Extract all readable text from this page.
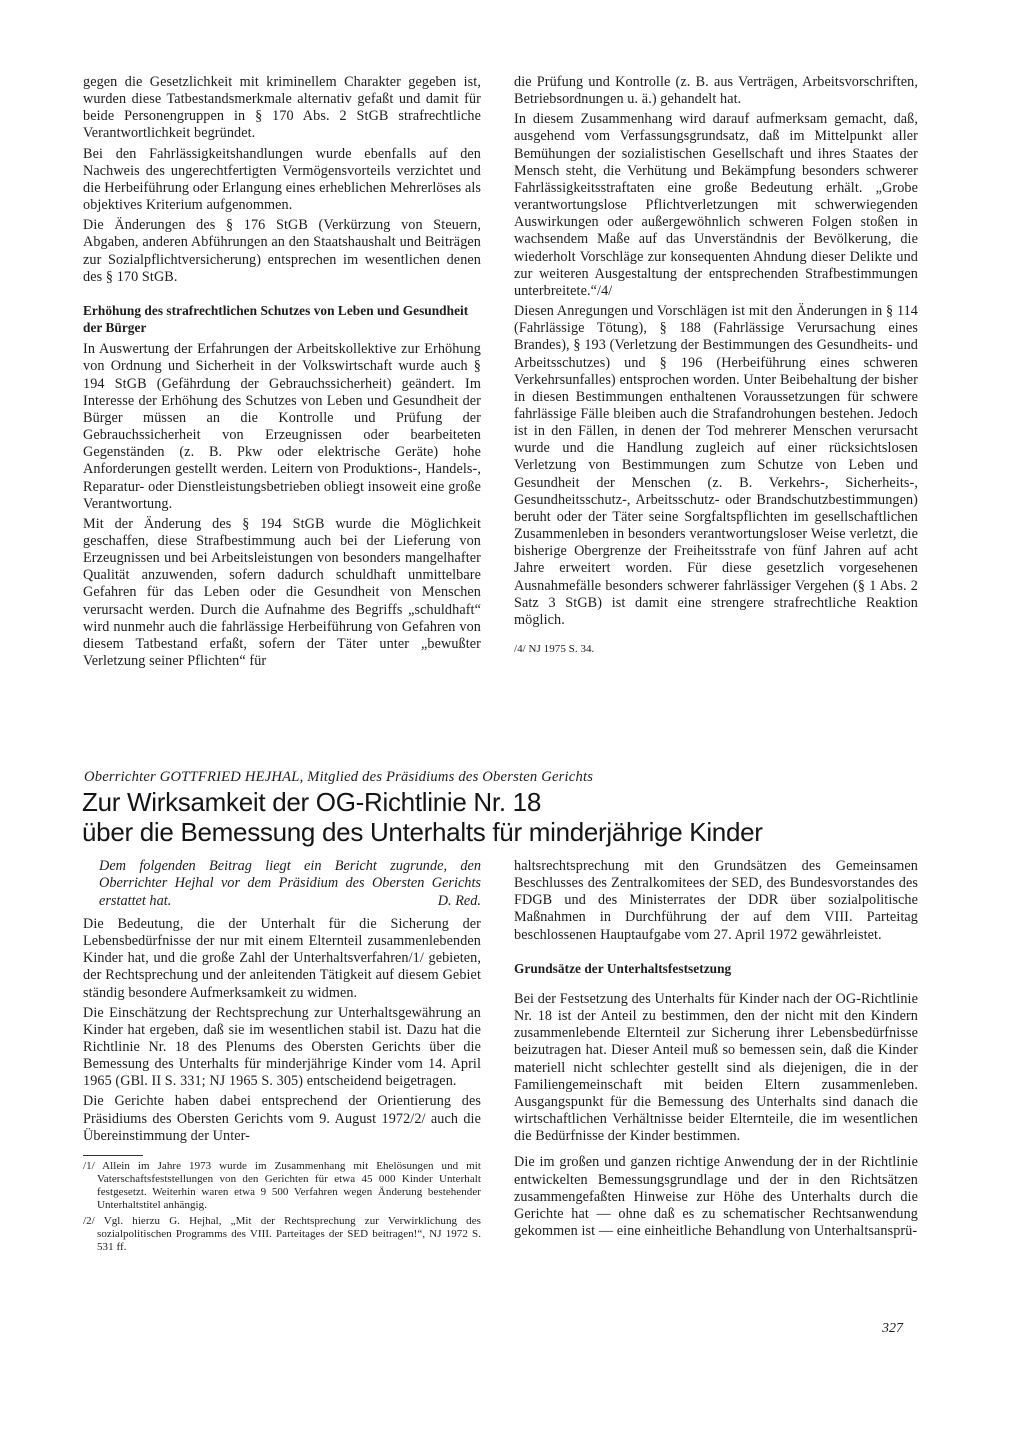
gegen die Gesetzlichkeit mit kriminellem Charakter gegeben ist, wurden diese Tatbestandsmerkmale alternativ gefaßt und damit für beide Personengruppen in § 170 Abs. 2 StGB strafrechtliche Verantwortlichkeit begründet.

Bei den Fahrlässigkeitshandlungen wurde ebenfalls auf den Nachweis des ungerechtfertigten Vermögensvorteils verzichtet und die Herbeiführung oder Erlangung eines erheblichen Mehrerlöses als objektives Kriterium aufgenommen.

Die Änderungen des § 176 StGB (Verkürzung von Steuern, Abgaben, anderen Abführungen an den Staatshaushalt und Beiträgen zur Sozialpflichtversicherung) entsprechen im wesentlichen denen des § 170 StGB.

Erhöhung des strafrechtlichen Schutzes von Leben und Gesundheit der Bürger

In Auswertung der Erfahrungen der Arbeitskollektive zur Erhöhung von Ordnung und Sicherheit in der Volkswirtschaft wurde auch § 194 StGB (Gefährdung der Gebrauchssicherheit) geändert. Im Interesse der Erhöhung des Schutzes von Leben und Gesundheit der Bürger müssen an die Kontrolle und Prüfung der Gebrauchssicherheit von Erzeugnissen oder bearbeiteten Gegenständen (z. B. Pkw oder elektrische Geräte) hohe Anforderungen gestellt werden. Leitern von Produktions-, Handels-, Reparatur- oder Dienstleistungsbetrieben obliegt insoweit eine große Verantwortung.

Mit der Änderung des § 194 StGB wurde die Möglichkeit geschaffen, diese Strafbestimmung auch bei der Lieferung von Erzeugnissen und bei Arbeitsleistungen von besonders mangelhafter Qualität anzuwenden, sofern dadurch schuldhaft unmittelbare Gefahren für das Leben oder die Gesundheit von Menschen verursacht werden. Durch die Aufnahme des Begriffs „schuldhaft“ wird nunmehr auch die fahrlässige Herbeiführung von Gefahren von diesem Tatbestand erfaßt, sofern der Täter unter „bewußter Verletzung seiner Pflichten“ für

die Prüfung und Kontrolle (z. B. aus Verträgen, Arbeitsvorschriften, Betriebsordnungen u. ä.) gehandelt hat.

In diesem Zusammenhang wird darauf aufmerksam gemacht, daß, ausgehend vom Verfassungsgrundsatz, daß im Mittelpunkt aller Bemühungen der sozialistischen Gesellschaft und ihres Staates der Mensch steht, die Verhütung und Bekämpfung besonders schwerer Fahrlässigkeitsstraftaten eine große Bedeutung erhält. „Grobe verantwortungslose Pflichtverletzungen mit schwerwiegenden Auswirkungen oder außergewöhnlich schweren Folgen stoßen in wachsendem Maße auf das Unverständnis der Bevölkerung, die wiederholt Vorschläge zur konsequenten Ahndung dieser Delikte und zur weiteren Ausgestaltung der entsprechenden Strafbestimmungen unterbreitete.“/4/

Diesen Anregungen und Vorschlägen ist mit den Änderungen in § 114 (Fahrlässige Tötung), § 188 (Fahrlässige Verursachung eines Brandes), § 193 (Verletzung der Bestimmungen des Gesundheits- und Arbeitsschutzes) und § 196 (Herbeiführung eines schweren Verkehrsunfalles) entsprochen worden. Unter Beibehaltung der bisher in diesen Bestimmungen enthaltenen Voraussetzungen für schwere fahrlässige Fälle bleiben auch die Strafandrohungen bestehen. Jedoch ist in den Fällen, in denen der Tod mehrerer Menschen verursacht wurde und die Handlung zugleich auf einer rücksichtslosen Verletzung von Bestimmungen zum Schutze von Leben und Gesundheit der Menschen (z. B. Verkehrs-, Sicherheits-, Gesundheitsschutz-, Arbeitsschutz- oder Brandschutzbestimmungen) beruht oder der Täter seine Sorgfaltspflichten im gesellschaftlichen Zusammenleben in besonders verantwortungsloser Weise verletzt, die bisherige Obergrenze der Freiheitsstrafe von fünf Jahren auf acht Jahre erweitert worden. Für diese gesetzlich vorgesehenen Ausnahmefälle besonders schwerer fahrlässiger Vergehen (§ 1 Abs. 2 Satz 3 StGB) ist damit eine strengere strafrechtliche Reaktion möglich.

/4/ NJ 1975 S. 34.

Oberrichter GOTTFRIED HEJHAL, Mitglied des Präsidiums des Obersten Gerichts

Zur Wirksamkeit der OG-Richtlinie Nr. 18
über die Bemessung des Unterhalts für minderjährige Kinder

Dem folgenden Beitrag liegt ein Bericht zugrunde, den Oberrichter Hejhal vor dem Präsidium des Obersten Gerichts erstattet hat.	D. Red.

Die Bedeutung, die der Unterhalt für die Sicherung der Lebensbedürfnisse der nur mit einem Elternteil zusammenlebenden Kinder hat, und die große Zahl der Unterhaltsverfahren/1/ gebieten, der Rechtsprechung und der anleitenden Tätigkeit auf diesem Gebiet ständig besondere Aufmerksamkeit zu widmen.

Die Einschätzung der Rechtsprechung zur Unterhaltsgewährung an Kinder hat ergeben, daß sie im wesentlichen stabil ist. Dazu hat die Richtlinie Nr. 18 des Plenums des Obersten Gerichts über die Bemessung des Unterhalts für minderjährige Kinder vom 14. April 1965 (GBl. II S. 331; NJ 1965 S. 305) entscheidend beigetragen.

Die Gerichte haben dabei entsprechend der Orientierung des Präsidiums des Obersten Gerichts vom 9. August 1972/2/ auch die Übereinstimmung der Unter-

/1/ Allein im Jahre 1973 wurde im Zusammenhang mit Ehelösungen und mit Vaterschaftsfeststellungen von den Gerichten für etwa 45 000 Kinder Unterhalt festgesetzt. Weiterhin waren etwa 9 500 Verfahren wegen Änderung bestehender Unterhaltstitel anhängig.

/2/ Vgl. hierzu G. Hejhal, „Mit der Rechtsprechung zur Verwirklichung des sozialpolitischen Programms des VIII. Parteitages der SED beitragen!“, NJ 1972 S. 531 ff.

haltsrechtsprechung mit den Grundsätzen des Gemeinsamen Beschlusses des Zentralkomitees der SED, des Bundesvorstandes des FDGB und des Ministerrates der DDR über sozialpolitische Maßnahmen in Durchführung der auf dem VIII. Parteitag beschlossenen Hauptaufgabe vom 27. April 1972 gewährleistet.

Grundsätze der Unterhaltsfestsetzung

Bei der Festsetzung des Unterhalts für Kinder nach der OG-Richtlinie Nr. 18 ist der Anteil zu bestimmen, den der nicht mit den Kindern zusammenlebende Elternteil zur Sicherung ihrer Lebensbedürfnisse beizutragen hat. Dieser Anteil muß so bemessen sein, daß die Kinder materiell nicht schlechter gestellt sind als diejenigen, die in der Familiengemeinschaft mit beiden Eltern zusammenleben. Ausgangspunkt für die Bemessung des Unterhalts sind danach die wirtschaftlichen Verhältnisse beider Elternteile, die im wesentlichen die Bedürfnisse der Kinder bestimmen.

Die im großen und ganzen richtige Anwendung der in der Richtlinie entwickelten Bemessungsgrundlage und der in den Richtsätzen zusammengefaßten Hinweise zur Höhe des Unterhalts durch die Gerichte hat — ohne daß es zu schematischer Rechtsanwendung gekommen ist — eine einheitliche Behandlung von Unterhaltsansprü-

327
